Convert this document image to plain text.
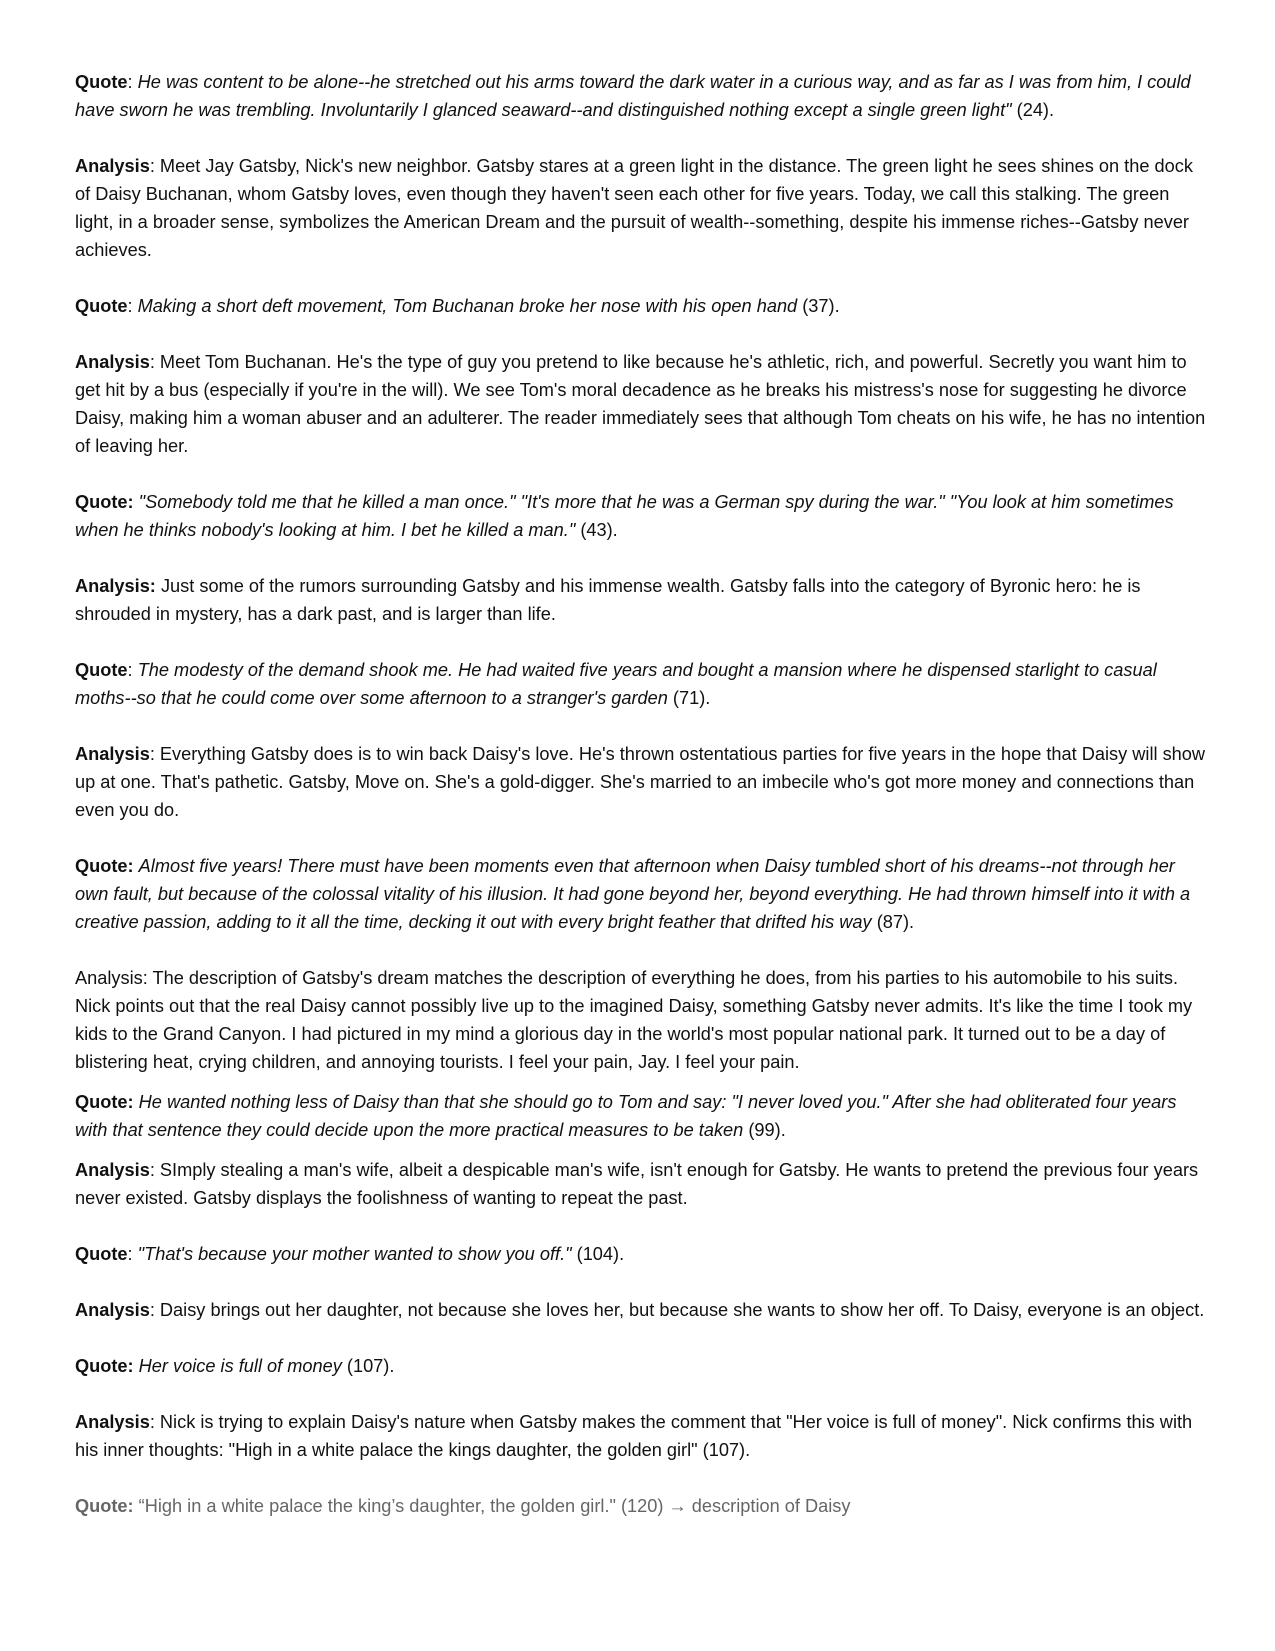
Quote: He was content to be alone--he stretched out his arms toward the dark water in a curious way, and as far as I was from him, I could have sworn he was trembling. Involuntarily I glanced seaward--and distinguished nothing except a single green light" (24).

Analysis: Meet Jay Gatsby, Nick's new neighbor. Gatsby stares at a green light in the distance. The green light he sees shines on the dock of Daisy Buchanan, whom Gatsby loves, even though they haven't seen each other for five years. Today, we call this stalking. The green light, in a broader sense, symbolizes the American Dream and the pursuit of wealth--something, despite his immense riches--Gatsby never achieves.

Quote: Making a short deft movement, Tom Buchanan broke her nose with his open hand (37).

Analysis: Meet Tom Buchanan. He's the type of guy you pretend to like because he's athletic, rich, and powerful. Secretly you want him to get hit by a bus (especially if you're in the will). We see Tom's moral decadence as he breaks his mistress's nose for suggesting he divorce Daisy, making him a woman abuser and an adulterer. The reader immediately sees that although Tom cheats on his wife, he has no intention of leaving her.

Quote: "Somebody told me that he killed a man once." "It's more that he was a German spy during the war." "You look at him sometimes when he thinks nobody's looking at him. I bet he killed a man." (43).

Analysis: Just some of the rumors surrounding Gatsby and his immense wealth. Gatsby falls into the category of Byronic hero: he is shrouded in mystery, has a dark past, and is larger than life.

Quote: The modesty of the demand shook me. He had waited five years and bought a mansion where he dispensed starlight to casual moths--so that he could come over some afternoon to a stranger's garden (71).

Analysis: Everything Gatsby does is to win back Daisy's love. He's thrown ostentatious parties for five years in the hope that Daisy will show up at one. That's pathetic. Gatsby, Move on. She's a gold-digger. She's married to an imbecile who's got more money and connections than even you do.

Quote: Almost five years! There must have been moments even that afternoon when Daisy tumbled short of his dreams--not through her own fault, but because of the colossal vitality of his illusion. It had gone beyond her, beyond everything. He had thrown himself into it with a creative passion, adding to it all the time, decking it out with every bright feather that drifted his way (87).

Analysis: The description of Gatsby's dream matches the description of everything he does, from his parties to his automobile to his suits. Nick points out that the real Daisy cannot possibly live up to the imagined Daisy, something Gatsby never admits. It's like the time I took my kids to the Grand Canyon. I had pictured in my mind a glorious day in the world's most popular national park. It turned out to be a day of blistering heat, crying children, and annoying tourists. I feel your pain, Jay. I feel your pain.

Quote: He wanted nothing less of Daisy than that she should go to Tom and say: "I never loved you." After she had obliterated four years with that sentence they could decide upon the more practical measures to be taken (99).

Analysis: SImply stealing a man's wife, albeit a despicable man's wife, isn't enough for Gatsby. He wants to pretend the previous four years never existed. Gatsby displays the foolishness of wanting to repeat the past.

Quote: "That's because your mother wanted to show you off." (104).

Analysis: Daisy brings out her daughter, not because she loves her, but because she wants to show her off. To Daisy, everyone is an object.

Quote: Her voice is full of money (107).

Analysis: Nick is trying to explain Daisy's nature when Gatsby makes the comment that "Her voice is full of money". Nick confirms this with his inner thoughts: "High in a white palace the kings daughter, the golden girl" (107).

Quote: “High in a white palace the king’s daughter, the golden girl." (120) → description of Daisy
